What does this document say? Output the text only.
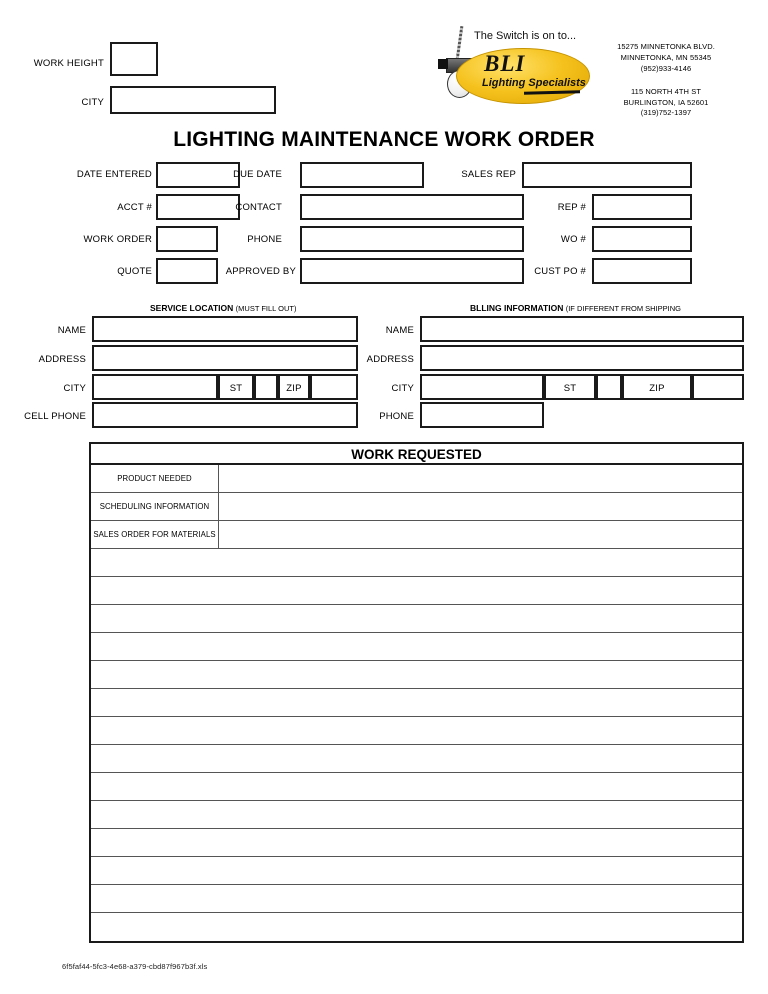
The Switch is on to...
BLI
Lighting Specialists
15275 MINNETONKA BLVD.
MINNETONKA, MN 55345
(952)933-4146
115 NORTH 4TH ST
BURLINGTON, IA 52601
(319)752-1397
WORK HEIGHT
CITY
LIGHTING MAINTENANCE WORK ORDER
DATE ENTERED	DUE DATE	SALES REP
ACCT #	CONTACT	REP #
WORK ORDER	PHONE	WO #
QUOTE	APPROVED BY	CUST PO #
SERVICE LOCATION (MUST FILL OUT)
NAME
ADDRESS
CITY	ST	ZIP
CELL PHONE
BLLING INFORMATION (IF DIFFERENT FROM SHIPPING
NAME
ADDRESS
CITY	ST	ZIP
PHONE
WORK REQUESTED
PRODUCT NEEDED
SCHEDULING INFORMATION
SALES ORDER FOR MATERIALS
6f5faf44-5fc3-4e68-a379-cbd87f967b3f.xls
